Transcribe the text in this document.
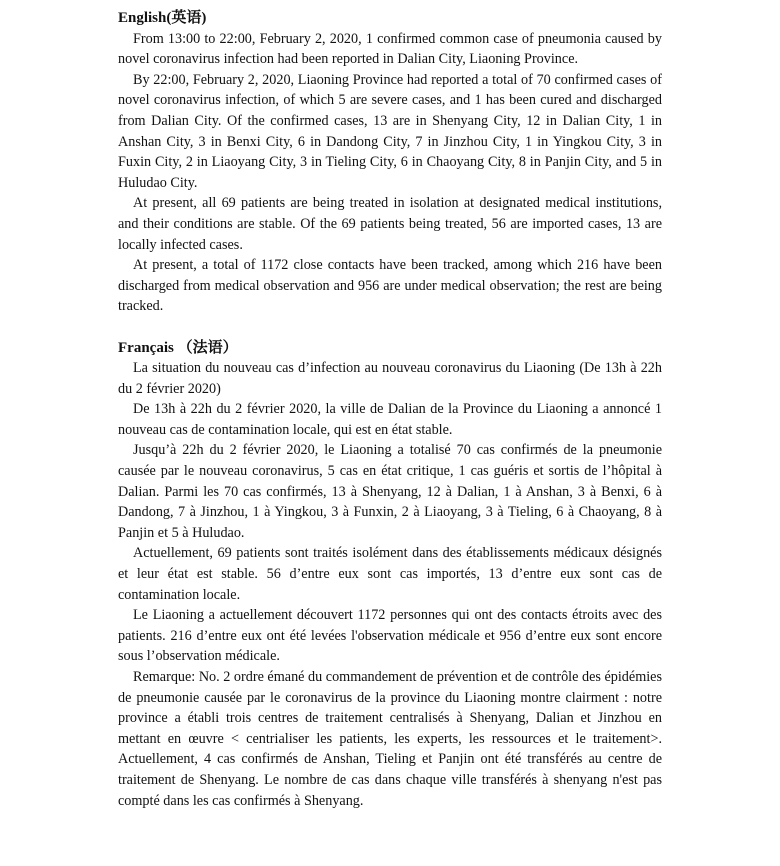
English(英语)

From 13:00 to 22:00, February 2, 2020, 1 confirmed common case of pneumonia caused by novel coronavirus infection had been reported in Dalian City, Liaoning Province.

By 22:00, February 2, 2020, Liaoning Province had reported a total of 70 confirmed cases of novel coronavirus infection, of which 5 are severe cases, and 1 has been cured and discharged from Dalian City. Of the confirmed cases, 13 are in Shenyang City, 12 in Dalian City, 1 in Anshan City, 3 in Benxi City, 6 in Dandong City, 7 in Jinzhou City, 1 in Yingkou City, 3 in Fuxin City, 2 in Liaoyang City, 3 in Tieling City, 6 in Chaoyang City, 8 in Panjin City, and 5 in Huludao City.

At present, all 69 patients are being treated in isolation at designated medical institutions, and their conditions are stable. Of the 69 patients being treated, 56 are imported cases, 13 are locally infected cases.

At present, a total of 1172 close contacts have been tracked, among which 216 have been discharged from medical observation and 956 are under medical observation; the rest are being tracked.

Français （法语）

La situation du nouveau cas d’infection au nouveau coronavirus du Liaoning (De 13h à 22h du 2 février 2020)

De 13h à 22h du 2 février 2020, la ville de Dalian de la Province du Liaoning a annoncé 1 nouveau cas de contamination locale, qui est en état stable.

Jusqu’à 22h du 2 février 2020, le Liaoning a totalisé 70 cas confirmés de la pneumonie causée par le nouveau coronavirus, 5 cas en état critique, 1 cas guéris et sortis de l’hôpital à Dalian. Parmi les 70 cas confirmés, 13 à Shenyang, 12 à Dalian, 1 à Anshan, 3 à Benxi, 6 à Dandong, 7 à Jinzhou, 1 à Yingkou, 3 à Funxin, 2 à Liaoyang, 3 à Tieling, 6 à Chaoyang, 8 à Panjin et 5 à Huludao.

Actuellement, 69 patients sont traités isolément dans des établissements médicaux désignés et leur état est stable. 56 d’entre eux sont cas importés, 13 d’entre eux sont cas de contamination locale.

Le Liaoning a actuellement découvert 1172 personnes qui ont des contacts étroits avec des patients. 216 d’entre eux ont été levées l'observation médicale et 956 d’entre eux sont encore sous l’observation médicale.

Remarque: No. 2 ordre émané du commandement de prévention et de contrôle des épidémies de pneumonie causée par le coronavirus de la province du Liaoning montre clairment : notre province a établi trois centres de traitement centralisés à Shenyang, Dalian et Jinzhou en mettant en œuvre < centrialiser les patients, les experts, les ressources et le traitement>. Actuellement, 4 cas confirmés de Anshan, Tieling et Panjin ont été transférés au centre de traitement de Shenyang. Le nombre de cas dans chaque ville transférés à shenyang n'est pas compté dans les cas confirmés à Shenyang.
